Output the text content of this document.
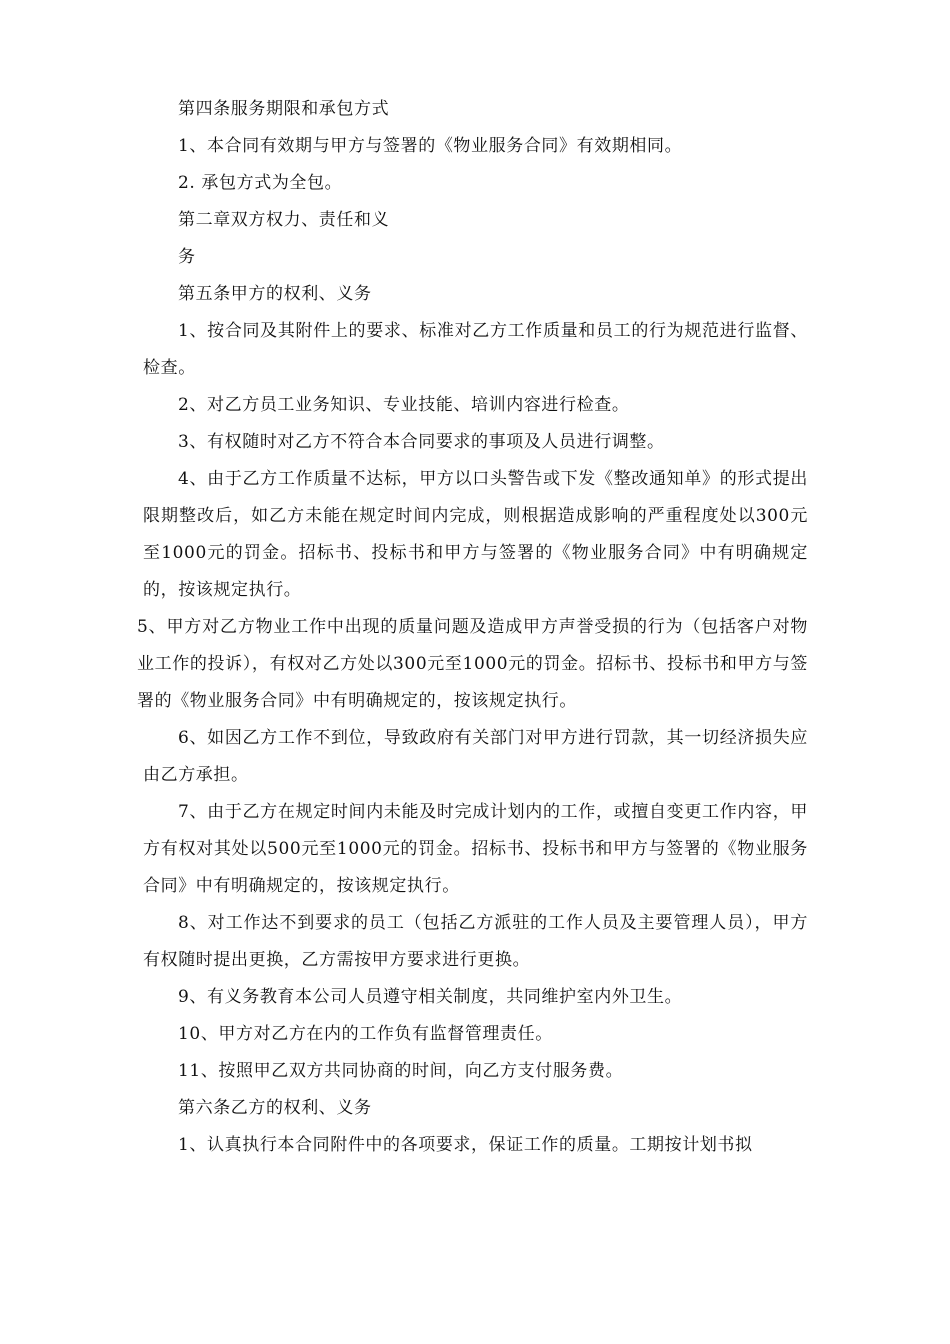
第四条服务期限和承包方式

1、本合同有效期与甲方与签署的《物业服务合同》有效期相同。

2. 承包方式为全包。

第二章双方权力、责任和义

务

第五条甲方的权利、义务

1、按合同及其附件上的要求、标准对乙方工作质量和员工的行为规范进行监督、检查。

2、对乙方员工业务知识、专业技能、培训内容进行检查。

3、有权随时对乙方不符合本合同要求的事项及人员进行调整。

4、由于乙方工作质量不达标，甲方以口头警告或下发《整改通知单》的形式提出限期整改后，如乙方未能在规定时间内完成，则根据造成影响的严重程度处以300元至1000元的罚金。招标书、投标书和甲方与签署的《物业服务合同》中有明确规定的，按该规定执行。

5、甲方对乙方物业工作中出现的质量问题及造成甲方声誉受损的行为（包括客户对物业工作的投诉），有权对乙方处以300元至1000元的罚金。招标书、投标书和甲方与签署的《物业服务合同》中有明确规定的，按该规定执行。

6、如因乙方工作不到位，导致政府有关部门对甲方进行罚款，其一切经济损失应由乙方承担。

7、由于乙方在规定时间内未能及时完成计划内的工作，或擅自变更工作内容，甲方有权对其处以500元至1000元的罚金。招标书、投标书和甲方与签署的《物业服务合同》中有明确规定的，按该规定执行。

8、对工作达不到要求的员工（包括乙方派驻的工作人员及主要管理人员），甲方有权随时提出更换，乙方需按甲方要求进行更换。

9、有义务教育本公司人员遵守相关制度，共同维护室内外卫生。

10、甲方对乙方在内的工作负有监督管理责任。

11、按照甲乙双方共同协商的时间，向乙方支付服务费。

第六条乙方的权利、义务

1、认真执行本合同附件中的各项要求，保证工作的质量。工期按计划书拟
